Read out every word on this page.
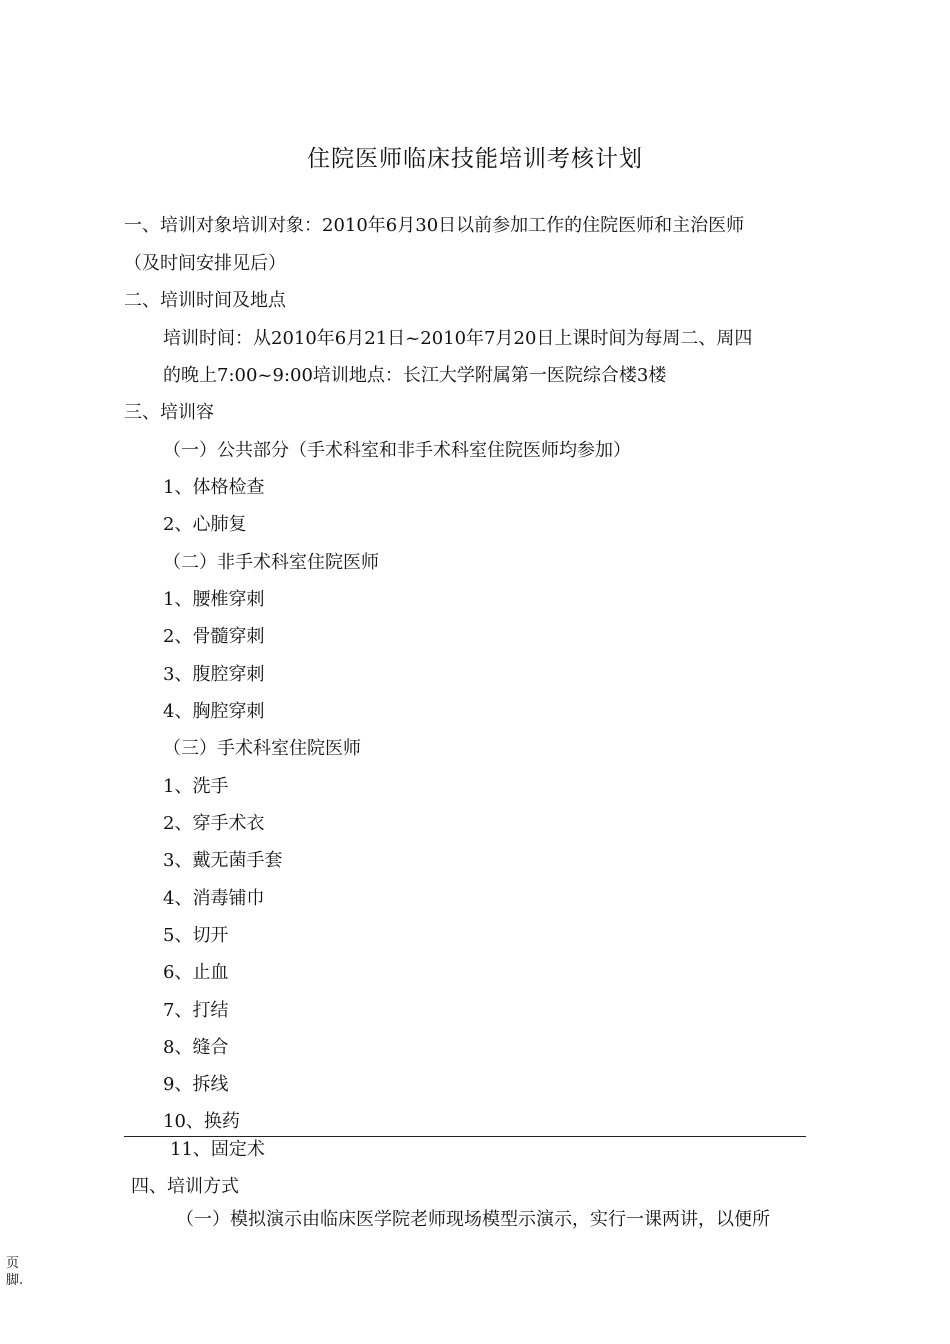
住院医师临床技能培训考核计划
一、培训对象培训对象：2010年6月30日以前参加工作的住院医师和主治医师
（及时间安排见后）
二、培训时间及地点
培训时间：从2010年6月21日~2010年7月20日上课时间为每周二、周四
的晚上7:00~9:00培训地点：长江大学附属第一医院综合楼3楼
三、培训容
（一）公共部分（手术科室和非手术科室住院医师均参加）
1、体格检查
2、心肺复
（二）非手术科室住院医师
1、腰椎穿刺
2、骨髓穿刺
3、腹腔穿刺
4、胸腔穿刺
（三）手术科室住院医师
1、洗手
2、穿手术衣
3、戴无菌手套
4、消毒铺巾
5、切开
6、止血
7、打结
8、缝合
9、拆线
10、换药
11、固定术
四、培训方式
（一）模拟演示由临床医学院老师现场模型示演示，实行一课两讲，以便所
页
脚.
